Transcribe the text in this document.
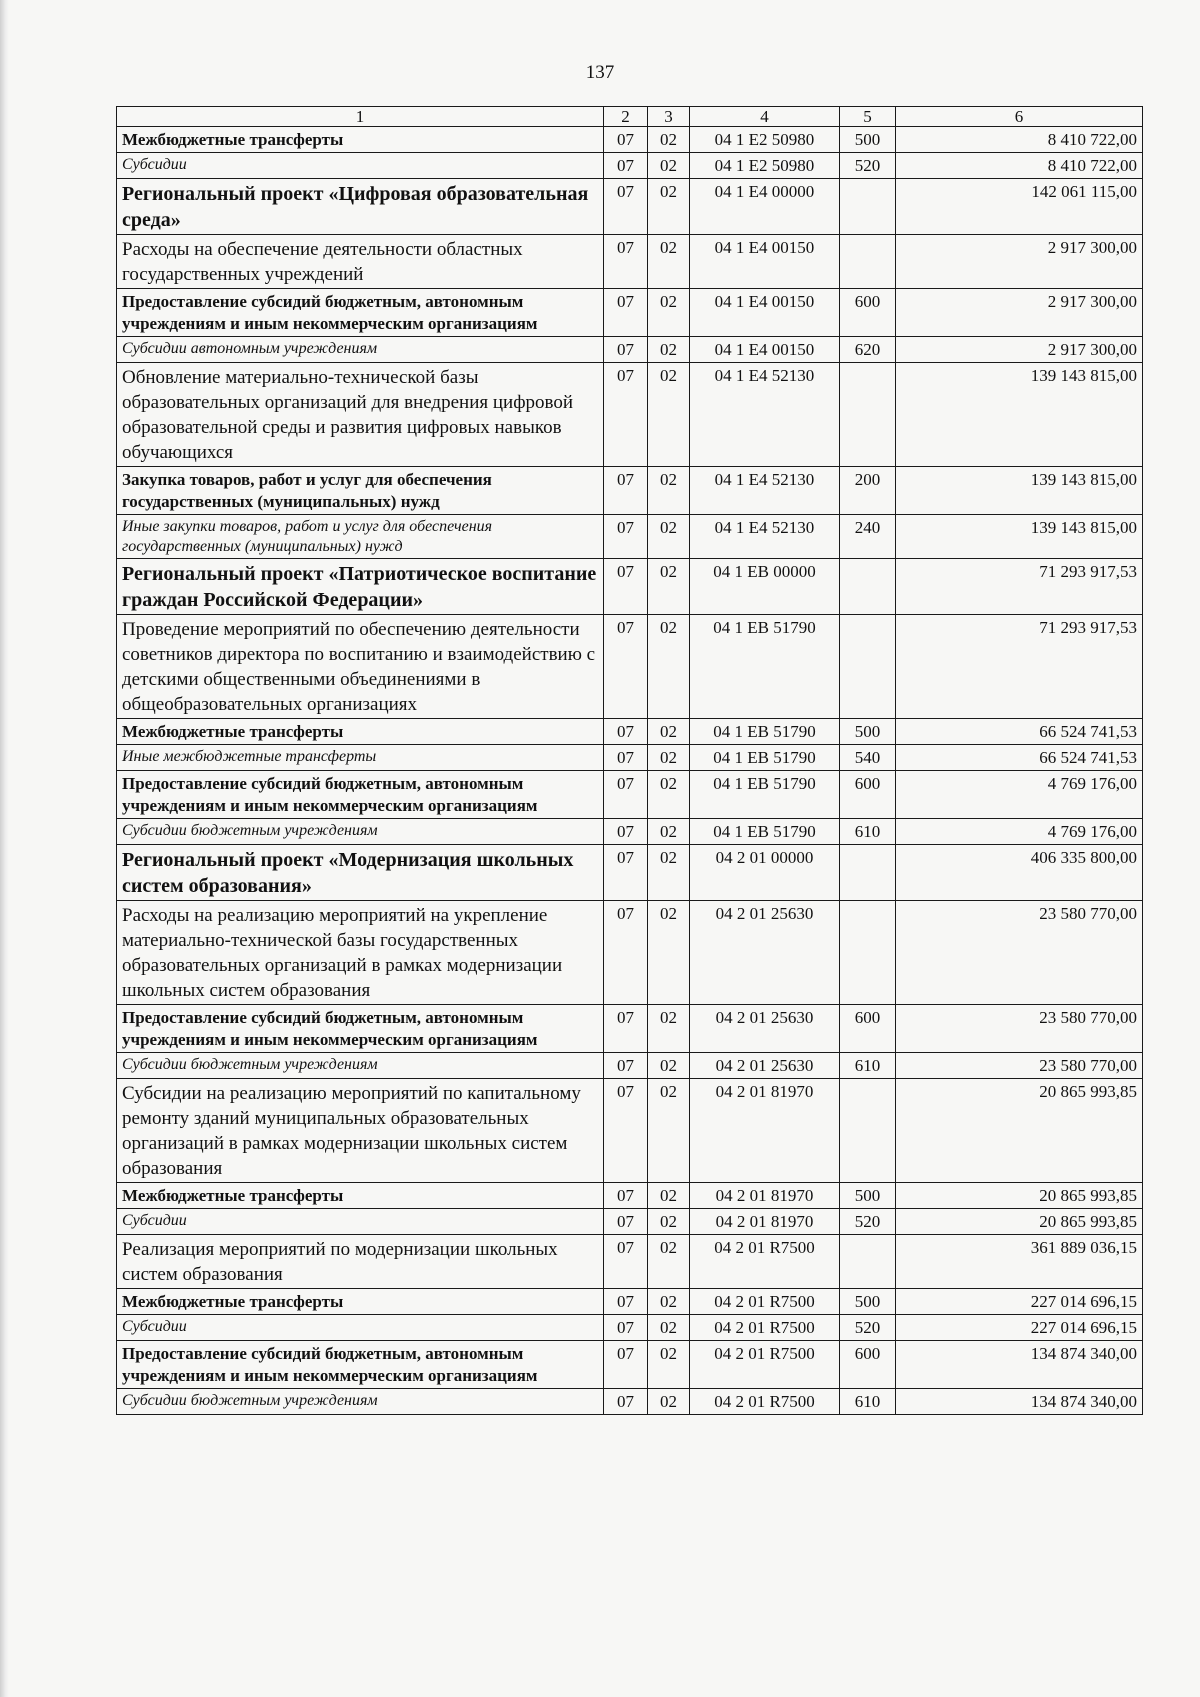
137
1	2	3	4	5	6
Межбюджетные трансферты	07	02	04 1 E2 50980	500	8 410 722,00
Субсидии	07	02	04 1 E2 50980	520	8 410 722,00
Региональный проект «Цифровая образовательная среда»	07	02	04 1 E4 00000		142 061 115,00
Расходы на обеспечение деятельности областных государственных учреждений	07	02	04 1 E4 00150		2 917 300,00
Предоставление субсидий бюджетным, автономным учреждениям и иным некоммерческим организациям	07	02	04 1 E4 00150	600	2 917 300,00
Субсидии автономным учреждениям	07	02	04 1 E4 00150	620	2 917 300,00
Обновление материально-технической базы образовательных организаций для внедрения цифровой образовательной среды и развития цифровых навыков обучающихся	07	02	04 1 E4 52130		139 143 815,00
Закупка товаров, работ и услуг для обеспечения государственных (муниципальных) нужд	07	02	04 1 E4 52130	200	139 143 815,00
Иные закупки товаров, работ и услуг для обеспечения государственных (муниципальных) нужд	07	02	04 1 E4 52130	240	139 143 815,00
Региональный проект «Патриотическое воспитание граждан Российской Федерации»	07	02	04 1 EB 00000		71 293 917,53
Проведение мероприятий по обеспечению деятельности советников директора по воспитанию и взаимодействию с детскими общественными объединениями в общеобразовательных организациях	07	02	04 1 EB 51790		71 293 917,53
Межбюджетные трансферты	07	02	04 1 EB 51790	500	66 524 741,53
Иные межбюджетные трансферты	07	02	04 1 EB 51790	540	66 524 741,53
Предоставление субсидий бюджетным, автономным учреждениям и иным некоммерческим организациям	07	02	04 1 EB 51790	600	4 769 176,00
Субсидии бюджетным учреждениям	07	02	04 1 EB 51790	610	4 769 176,00
Региональный проект «Модернизация школьных систем образования»	07	02	04 2 01 00000		406 335 800,00
Расходы на реализацию мероприятий на укрепление материально-технической базы государственных образовательных организаций в рамках модернизации школьных систем образования	07	02	04 2 01 25630		23 580 770,00
Предоставление субсидий бюджетным, автономным учреждениям и иным некоммерческим организациям	07	02	04 2 01 25630	600	23 580 770,00
Субсидии бюджетным учреждениям	07	02	04 2 01 25630	610	23 580 770,00
Субсидии на реализацию мероприятий по капитальному ремонту зданий муниципальных образовательных организаций в рамках модернизации школьных систем образования	07	02	04 2 01 81970		20 865 993,85
Межбюджетные трансферты	07	02	04 2 01 81970	500	20 865 993,85
Субсидии	07	02	04 2 01 81970	520	20 865 993,85
Реализация мероприятий по модернизации школьных систем образования	07	02	04 2 01 R7500		361 889 036,15
Межбюджетные трансферты	07	02	04 2 01 R7500	500	227 014 696,15
Субсидии	07	02	04 2 01 R7500	520	227 014 696,15
Предоставление субсидий бюджетным, автономным учреждениям и иным некоммерческим организациям	07	02	04 2 01 R7500	600	134 874 340,00
Субсидии бюджетным учреждениям	07	02	04 2 01 R7500	610	134 874 340,00
